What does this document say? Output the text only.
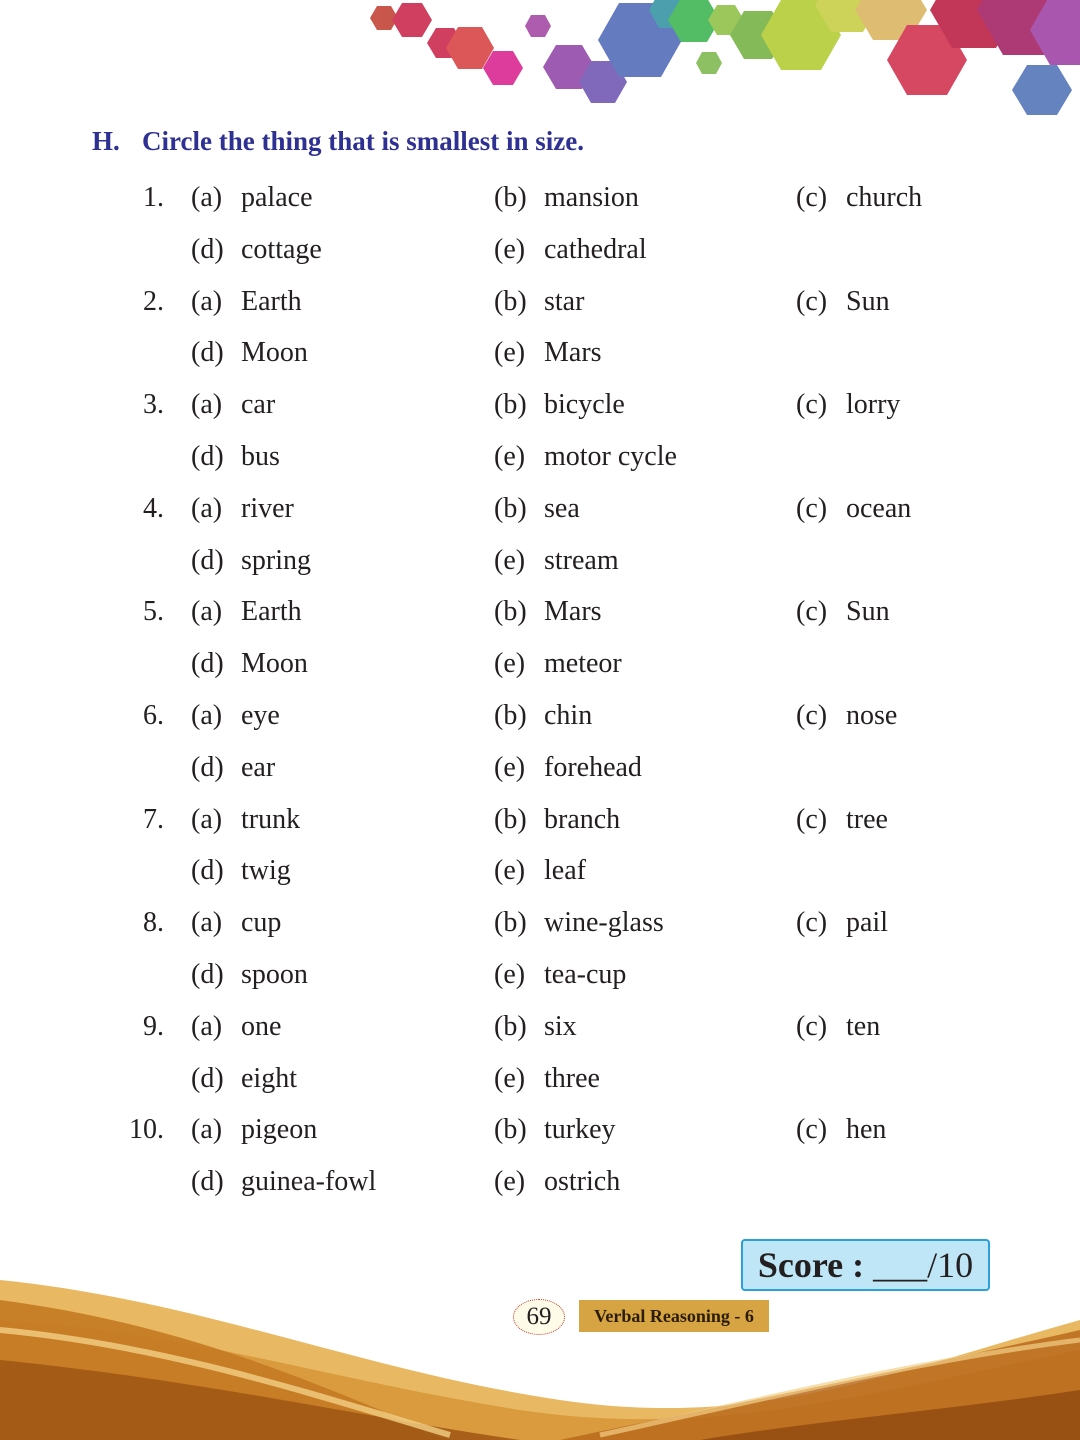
H. Circle the thing that is smallest in size.
1. (a) palace	(b) mansion	(c) church
(d) cottage	(e) cathedral
2. (a) Earth	(b) star	(c) Sun
(d) Moon	(e) Mars
3. (a) car	(b) bicycle	(c) lorry
(d) bus	(e) motor cycle
4. (a) river	(b) sea	(c) ocean
(d) spring	(e) stream
5. (a) Earth	(b) Mars	(c) Sun
(d) Moon	(e) meteor
6. (a) eye	(b) chin	(c) nose
(d) ear	(e) forehead
7. (a) trunk	(b) branch	(c) tree
(d) twig	(e) leaf
8. (a) cup	(b) wine-glass	(c) pail
(d) spoon	(e) tea-cup
9. (a) one	(b) six	(c) ten
(d) eight	(e) three
10. (a) pigeon	(b) turkey	(c) hen
(d) guinea-fowl	(e) ostrich
Score : ___/10
69	Verbal Reasoning - 6
